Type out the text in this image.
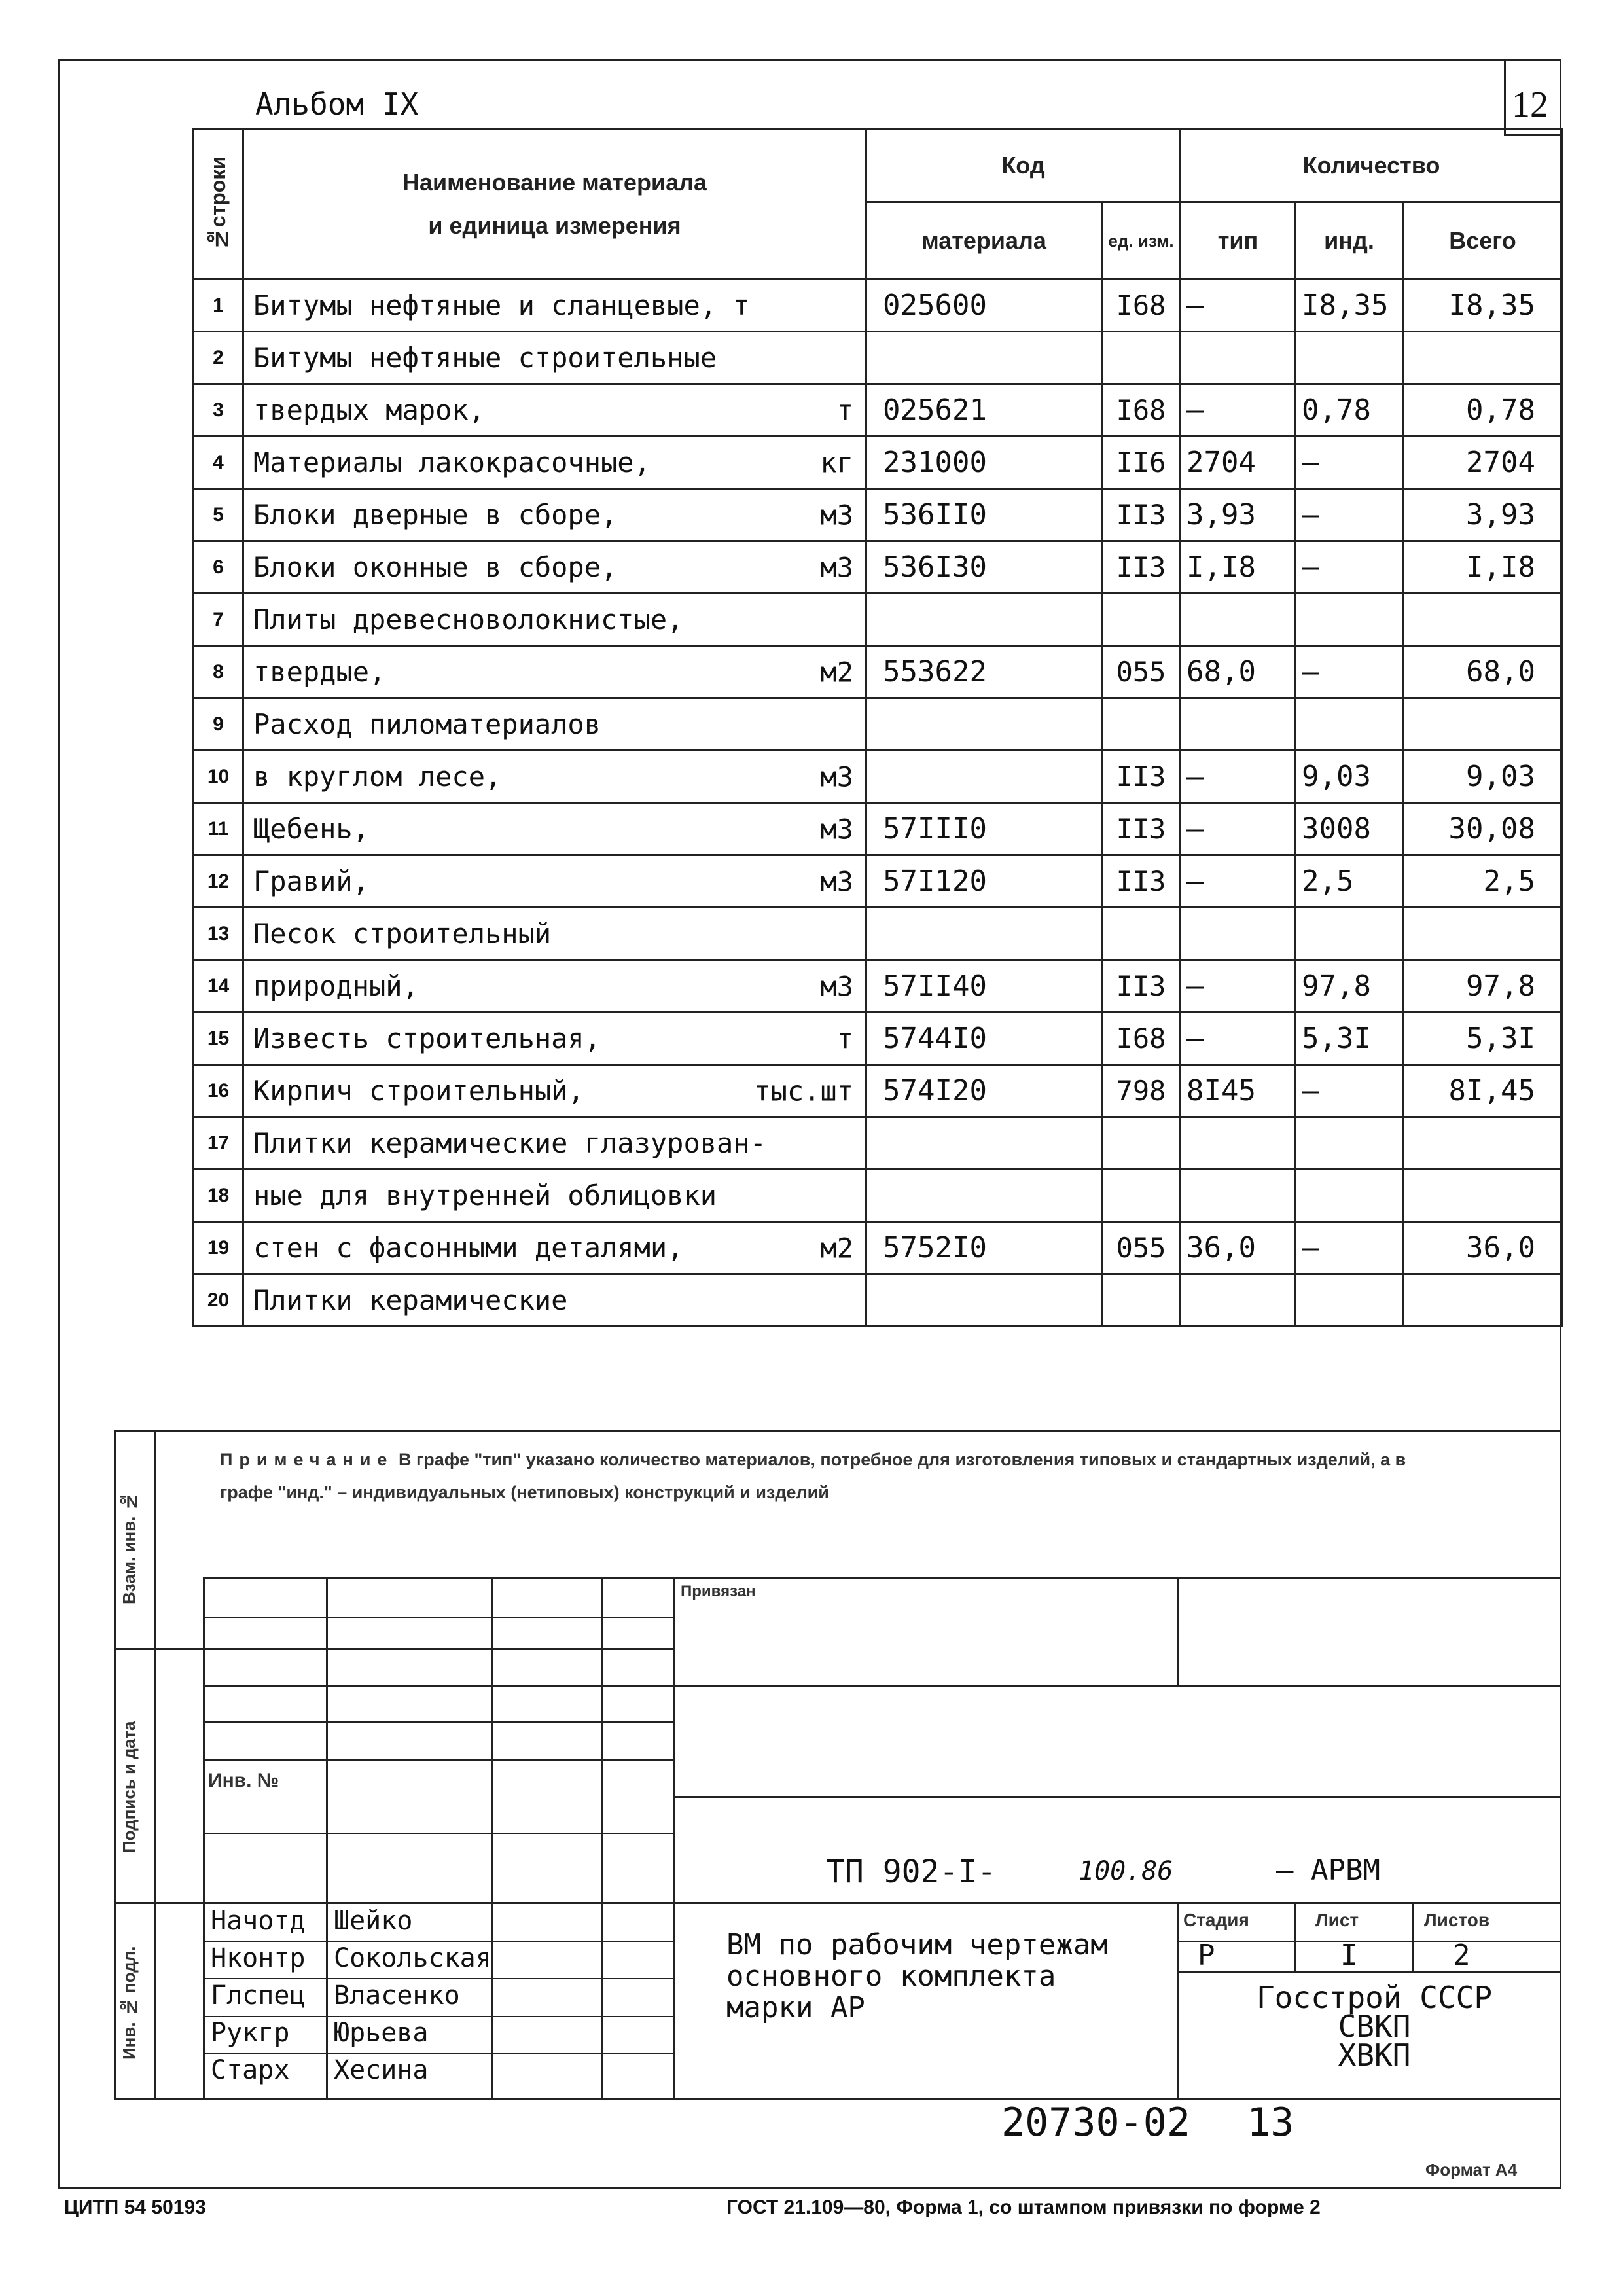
12
Альбом IX
№строки	Наименование материала
и единица измерения	Код		Количество		
		материала	ед. изм.	тип	инд.	Всего
1	Битумы нефтяные и сланцевые, т	025600	I68	—	I8,35	I8,35
2	Битумы нефтяные строительные					
3	твердых марок, т	025621	I68	—	0,78	0,78
4	Материалы лакокрасочные, кг	231000	II6	2704	—	2704
5	Блоки дверные в сборе, м3	536II0	II3	3,93	—	3,93
6	Блоки оконные в сборе, м3	536I30	II3	I,I8	—	I,I8
7	Плиты древесноволокнистые,					
8	твердые, м2	553622	055	68,0	—	68,0
9	Расход пиломатериалов					
10	в круглом лесе, м3		II3	—	9,03	9,03
11	Щебень, м3	57III0	II3	—	3008	30,08
12	Гравий, м3	57I120	II3	—	2,5	2,5
13	Песок строительный					
14	природный, м3	57II40	II3	—	97,8	97,8
15	Известь строительная, т	5744I0	I68	—	5,3I	5,3I
16	Кирпич строительный, тыс.шт	574I20	798	8I45	—	8I,45
17	Плитки керамические глазурован-					
18	ные для внутренней облицовки					
19	стен с фасонными деталями, м2	5752I0	055	36,0	—	36,0
20	Плитки керамические					
Примечание В графе "тип" указано количество материалов, потребное для изготовления типовых и стандартных изделий, а в графе "инд." – индивидуальных (нетиповых) конструкций и изделий
Взам. инв. №
Подпись и дата
Инв. № подл.
Привязан
Инв. №
ТП 902-I-	100.86	– АРВМ
ВМ по рабочим чертежам
основного комплекта
марки АР
Стадия	Лист	Листов
Р	I	2
Госстрой СССР
СВКП
ХВКП
Начотд Шейко
Нконтр Сокольская
Глспец Власенко
Рукгр Юрьева
Старх Хесина
20730-02 13
Формат А4
ЦИТП 54 50193	ГОСТ 21.109—80, Форма 1, со штампом привязки по форме 2
